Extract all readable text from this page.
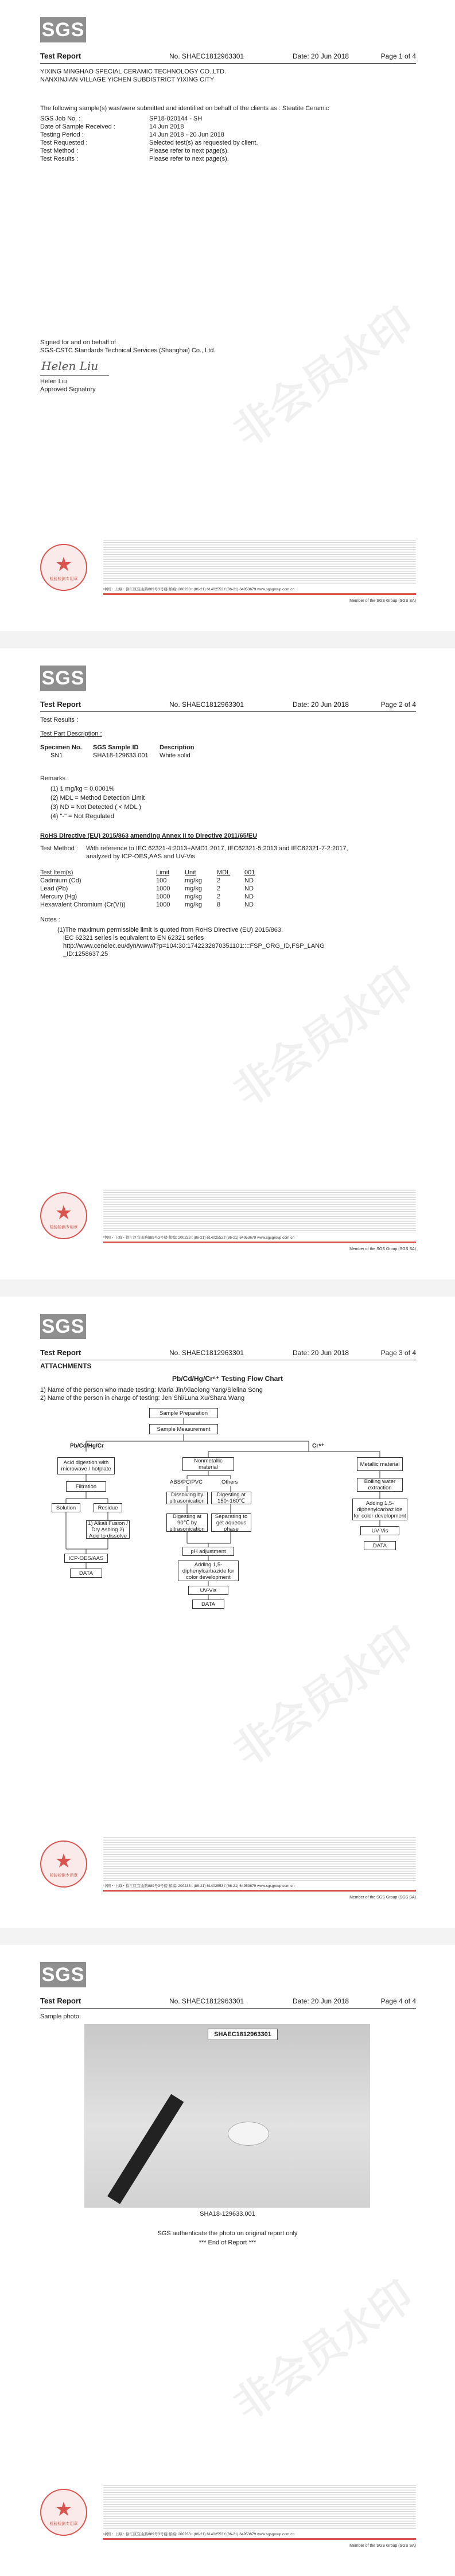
SGS
Test Report	No. SHAEC1812963301	Date: 20 Jun 2018	Page 1 of 4
YIXING MINGHAO SPECIAL CERAMIC TECHNOLOGY CO.,LTD.
NANXINJIAN VILLAGE YICHEN SUBDISTRICT YIXING CITY
The following sample(s) was/were submitted and identified on behalf of the clients as : Steatite Ceramic
SGS Job No. :	SP18-020144 - SH
Date of Sample Received :	14 Jun 2018
Testing Period :	14 Jun 2018 - 20 Jun 2018
Test Requested :	Selected test(s) as requested by client.
Test Method :	Please refer to next page(s).
Test Results :	Please refer to next page(s).
Signed for and on behalf of
SGS-CSTC Standards Technical Services (Shanghai) Co., Ltd.
Helen Liu
Helen Liu
Approved Signatory	非会员水印
★
检验检测专用章
中国・上海・徐汇区宜山路889号3号楼 邮编: 200233 t (86-21) 61402553 f (86-21) 64953679 www.sgsgroup.com.cn
Member of the SGS Group (SGS SA)
SGS
Test Report	No. SHAEC1812963301	Date: 20 Jun 2018	Page 2 of 4
Test Results :
Test Part Description :
Specimen No.	SGS Sample ID	Description
SN1	SHA18-129633.001	White solid
Remarks :
(1) 1 mg/kg = 0.0001%
(2) MDL = Method Detection Limit
(3) ND = Not Detected ( < MDL )
(4) "-" = Not Regulated
RoHS Directive (EU) 2015/863 amending Annex II to Directive 2011/65/EU
Test Method : With reference to IEC 62321-4:2013+AMD1:2017, IEC62321-5:2013 and IEC62321-7-2:2017,
analyzed by ICP-OES,AAS and UV-Vis.
Test Item(s)	Limit	Unit	MDL	001
Cadmium (Cd)	100	mg/kg	2	ND
Lead (Pb)	1000	mg/kg	2	ND
Mercury (Hg)	1000	mg/kg	2	ND
Hexavalent Chromium (Cr(VI))	1000	mg/kg	8	ND
Notes :
(1)The maximum permissible limit is quoted from RoHS Directive (EU) 2015/863.
IEC 62321 series is equivalent to EN 62321 series
http://www.cenelec.eu/dyn/www/f?p=104:30:1742232870351101::::FSP_ORG_ID,FSP_LANG
_ID:1258637,25
非会员水印
★
检验检测专用章
中国・上海・徐汇区宜山路889号3号楼 邮编: 200233 t (86-21) 61402553 f (86-21) 64953679 www.sgsgroup.com.cn
Member of the SGS Group (SGS SA)
SGS
Test Report	No. SHAEC1812963301	Date: 20 Jun 2018	Page 3 of 4
ATTACHMENTS
Pb/Cd/Hg/Cr⁶⁺ Testing Flow Chart
1) Name of the person who made testing: Maria Jin/Xiaolong Yang/Sielina Song
2) Name of the person in charge of testing: Jen Shi/Luna Xu/Shara Wang
Sample Preparation
Sample Measurement
Pb/Cd/Hg/Cr	Cr⁶⁺
Acid digestion with microwave / hotplate
Filtration
Solution	Residue
1) Alkali Fusion / Dry Ashing 2) Acid to dissolve
ICP-OES/AAS
DATA
Nonmetallic material
ABS/PC/PVC	Others
Dissolving by ultrasonication
Digesting at 150~160℃
Digesting at 90℃ by ultrasonication
Separating to get aqueous phase
pH adjustment
Adding 1,5-diphenylcarbazide for color development
UV-Vis
DATA
Metallic material
Boiling water extraction
Adding 1,5-diphenylcarbaz ide for color development
UV-Vis
DATA
非会员水印
★
检验检测专用章
中国・上海・徐汇区宜山路889号3号楼 邮编: 200233 t (86-21) 61402553 f (86-21) 64953679 www.sgsgroup.com.cn
Member of the SGS Group (SGS SA)
SGS
Test Report	No. SHAEC1812963301	Date: 20 Jun 2018	Page 4 of 4
Sample photo:
SHAEC1812963301
SHA18-129633.001
SGS authenticate the photo on original report only
*** End of Report ***
非会员水印
★
检验检测专用章
中国・上海・徐汇区宜山路889号3号楼 邮编: 200233 t (86-21) 61402553 f (86-21) 64953679 www.sgsgroup.com.cn
Member of the SGS Group (SGS SA)
